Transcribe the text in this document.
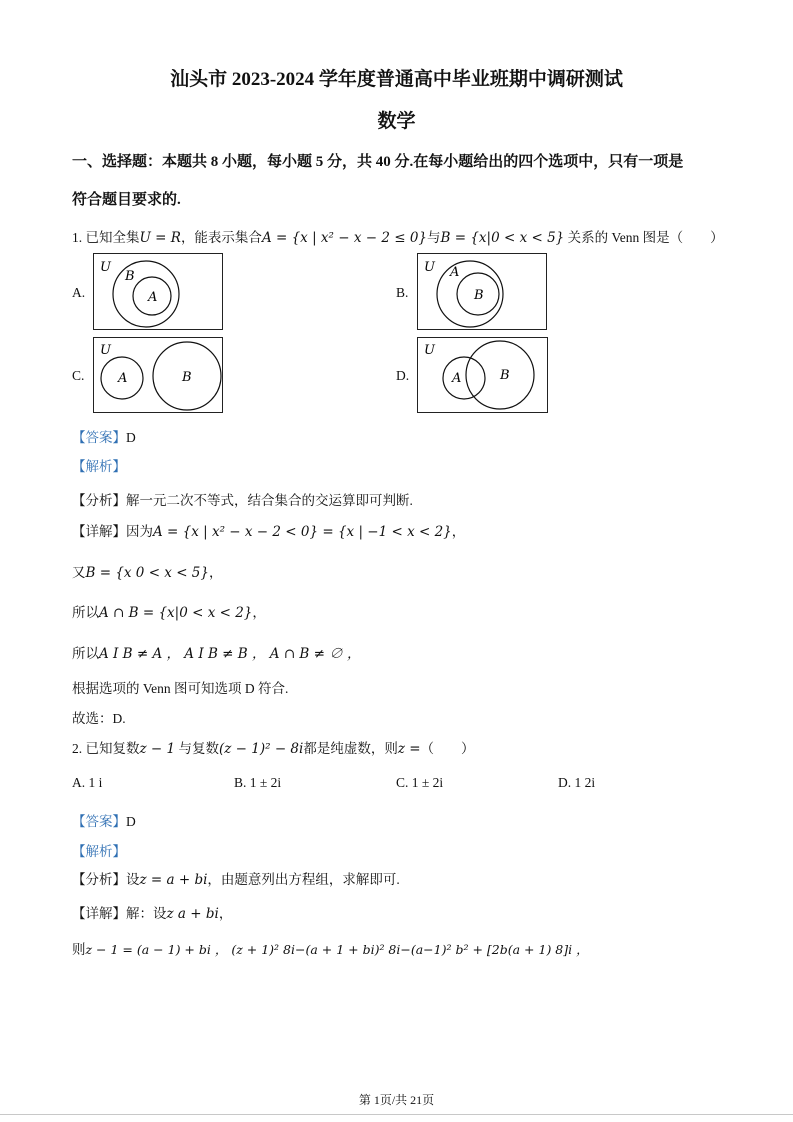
汕头市 2023-2024 学年度普通高中毕业班期中调研测试
数学
一、选择题：本题共 8 小题，每小题 5 分，共 40 分.在每小题给出的四个选项中，只有一项是
符合题目要求的.
1. 已知全集U = R，能表示集合A = {x | x² − x − 2 ≤ 0}与B = {x|0 < x < 5} 关系的 Venn 图是（　　）
A.
U
B
A	B.
U A
B
C.
U
A	B	D.
U
A	B
【答案】D
【解析】
【分析】解一元二次不等式，结合集合的交运算即可判断.
【详解】因为A = {x | x² − x − 2 < 0} = {x | −1 < x < 2}，
又B = {x 0 < x < 5}，
所以A ∩ B = {x|0 < x < 2}，
所以A I B ≠ A ， A I B ≠ B ， A ∩ B ≠ ∅ ，
根据选项的 Venn 图可知选项 D 符合.
故选：D.
2. 已知复数z − 1 与复数(z − 1)² − 8i都是纯虚数，则z =（　　）
A. 1 i	B. 1 ± 2i	C. 1 ± 2i	D. 1 2i
【答案】D
【解析】
【分析】设z = a + bi，由题意列出方程组，求解即可.
【详解】解：设z a + bi，
则z − 1 = (a − 1) + bi ， (z + 1)² 8i−(a + 1 + bi)² 8i−(a−1)² b² + [2b(a + 1) 8]i ，
第 1页/共 21页
